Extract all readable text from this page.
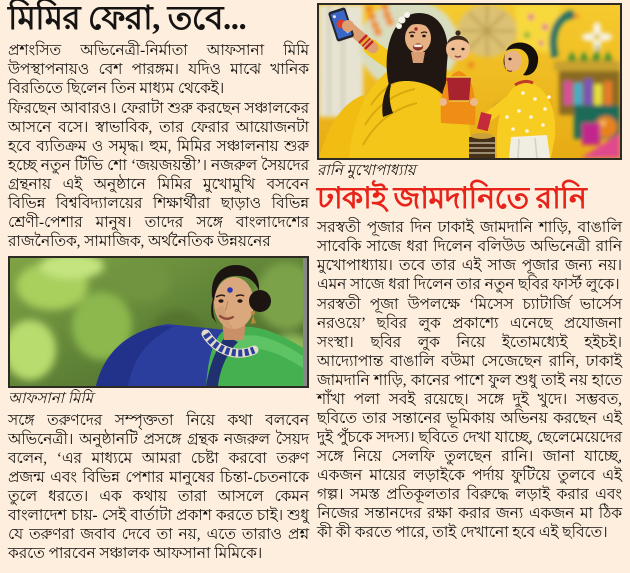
মিমির ফেরা, তবে...

প্রশংসিত অভিনেত্রী-নির্মাতা আফসানা মিমি উপস্থাপনায়ও বেশ পারঙ্গম। যদিও মাঝে খানিক বিরতিতে ছিলেন তিন মাধ্যম থেকেই।

ফিরছেন আবারও। ফেরাটা শুরু করছেন সঞ্চালকের আসনে বসে। স্বাভাবিক, তার ফেরার আয়োজনটা হবে ব্যতিক্রম ও সমৃদ্ধ। হুম, মিমির সঞ্চালনায় শুরু হচ্ছে নতুন টিভি শো ‘জয়জয়ন্তী’। নজরুল সৈয়দের গ্রন্থনায় এই অনুষ্ঠানে মিমির মুখোমুখি বসবেন বিভিন্ন বিশ্ববিদ্যালয়ের শিক্ষার্থীরা ছাড়াও বিভিন্ন শ্রেণী-পেশার মানুষ। তাদের সঙ্গে বাংলাদেশের রাজনৈতিক, সামাজিক, অর্থনৈতিক উন্নয়নের

আফসানা মিমি

সঙ্গে তরুণদের সম্পৃক্ততা নিয়ে কথা বলবেন অভিনেত্রী। অনুষ্ঠানটি প্রসঙ্গে গ্রন্থক নজরুল সৈয়দ বলেন, ‘এর মাধ্যমে আমরা চেষ্টা করবো তরুণ প্রজন্ম এবং বিভিন্ন পেশার মানুষের চিন্তা-চেতনাকে তুলে ধরতে। এক কথায় তারা আসলে কেমন বাংলাদেশ চায়- সেই বার্তাটা প্রকাশ করতে চাই। শুধু যে তরুণরা জবাব দেবে তা নয়, এতে তারাও প্রশ্ন করতে পারবেন সঞ্চালক আফসানা মিমিকে।

রানি মুখোপাধ্যায়
ঢাকাই জামদানিতে রানি

সরস্বতী পূজার দিন ঢাকাই জামদানি শাড়ি, বাঙালি সাবেকি সাজে ধরা দিলেন বলিউড অভিনেত্রী রানি মুখোপাধ্যায়। তবে তার এই সাজ পূজার জন্য নয়। এমন সাজে ধরা দিলেন তার নতুন ছবির ফার্স্ট লুকে।

সরস্বতী পূজা উপলক্ষে ‘মিসেস চ্যাটার্জি ভার্সেস নরওয়ে’ ছবির লুক প্রকাশ্যে এনেছে প্রযোজনা সংস্থা। ছবির লুক নিয়ে ইতোমধ্যেই হইচই। আদ্যোপান্ত বাঙালি বউমা সেজেছেন রানি, ঢাকাই জামদানি শাড়ি, কানের পাশে ফুল শুধু তাই নয় হাতে শাঁখা পলা সবই রয়েছে। সঙ্গে দুই খুদে। সম্ভবত, ছবিতে তার সন্তানের ভূমিকায় অভিনয় করছেন এই দুই পুঁচকে সদস্য। ছবিতে দেখা যাচ্ছে, ছেলেমেয়েদের সঙ্গে নিয়ে সেলফি তুলছেন রানি। জানা যাচ্ছে, একজন মায়ের লড়াইকে পর্দায় ফুটিয়ে তুলবে এই গল্প। সমস্ত প্রতিকূলতার বিরুদ্ধে লড়াই করার এবং নিজের সন্তানদের রক্ষা করার জন্য একজন মা ঠিক কী কী করতে পারে, তাই দেখানো হবে এই ছবিতে।
